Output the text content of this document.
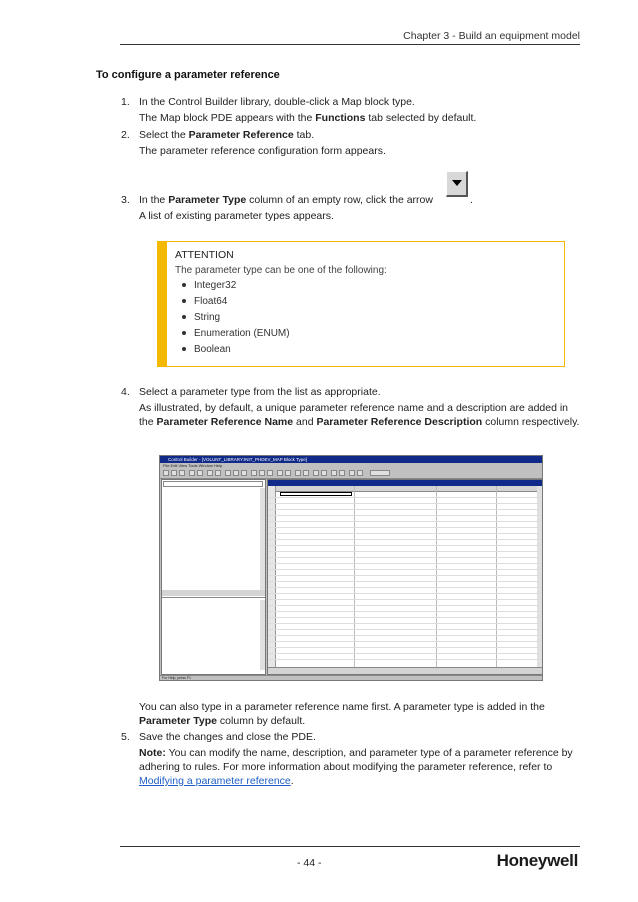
Chapter 3 - Build an equipment model
To configure a parameter reference
1. In the Control Builder library, double-click a Map block type.
The Map block PDE appears with the Functions tab selected by default.
2. Select the Parameter Reference tab.
The parameter reference configuration form appears.
3. In the Parameter Type column of an empty row, click the arrow	.
A list of existing parameter types appears.
ATTENTION
The parameter type can be one of the following:
Integer32
Float64
String
Enumeration (ENUM)
Boolean
4. Select a parameter type from the list as appropriate.
As illustrated, by default, a unique parameter reference name and a description are added in
the Parameter Reference Name and Parameter Reference Description column respectively.
Control Builder - [VOLUNT_LIBRARY:INIT_PHDEV_MAP Block Type]
File Edit View Tools Window Help
For Help, press F1
You can also type in a parameter reference name first. A parameter type is added in the
Parameter Type column by default.
5. Save the changes and close the PDE.
Note: You can modify the name, description, and parameter type of a parameter reference by
adhering to rules. For more information about modifying the parameter reference, refer to
Modifying a parameter reference.
- 44 -	Honeywell
